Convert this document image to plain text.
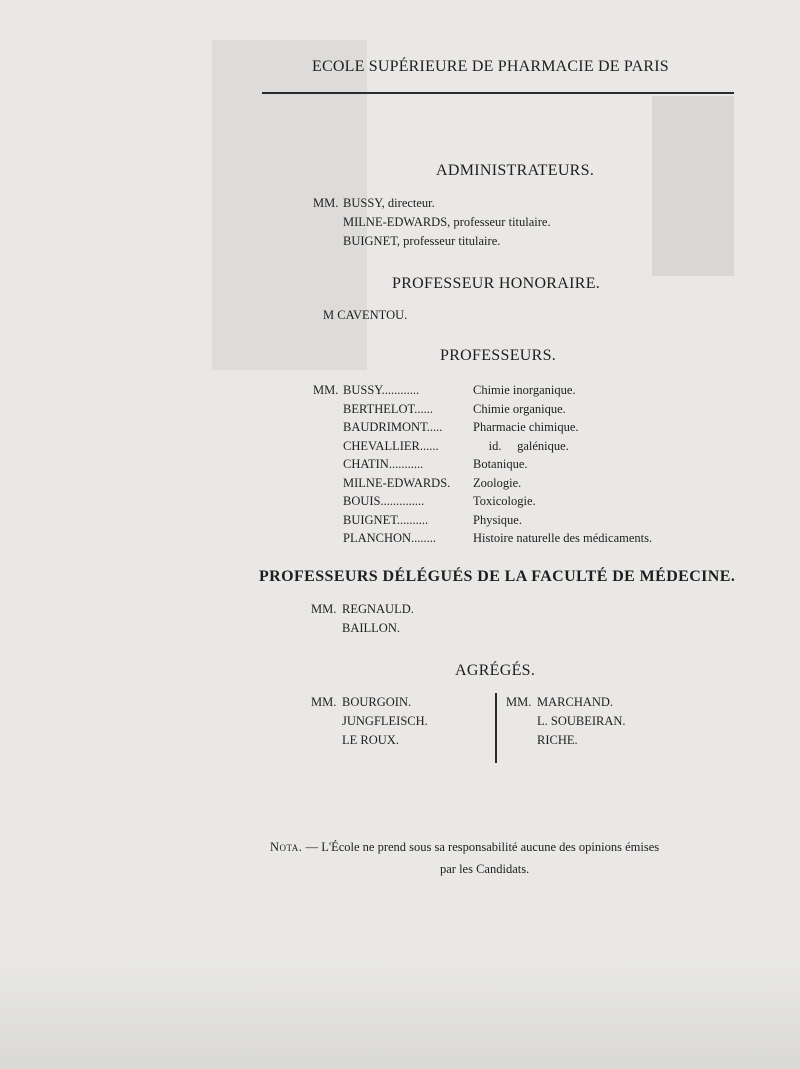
ECOLE SUPÉRIEURE DE PHARMACIE DE PARIS
ADMINISTRATEURS.
MM. BUSSY, directeur.
MILNE-EDWARDS, professeur titulaire.
BUIGNET, professeur titulaire.
PROFESSEUR HONORAIRE.
M CAVENTOU.
PROFESSEURS.
MM. BUSSY............	Chimie inorganique.
BERTHELOT......	Chimie organique.
BAUDRIMONT..... Pharmacie chimique.
CHEVALLIER......	id.     galénique.
CHATIN...........	Botanique.
MILNE-EDWARDS. Zoologie.
BOUIS..............	Toxicologie.
BUIGNET..........	Physique.
PLANCHON........	Histoire naturelle des médicaments.
PROFESSEURS DÉLÉGUÉS DE LA FACULTÉ DE MÉDECINE.
MM. REGNAULD.
BAILLON.
AGRÉGÉS.
MM. BOURGOIN.
JUNGFLEISCH.
LE ROUX.
MM. MARCHAND.
L. SOUBEIRAN.
RICHE.
Nota. — L'École ne prend sous sa responsabilité aucune des opinions émises
par les Candidats.
